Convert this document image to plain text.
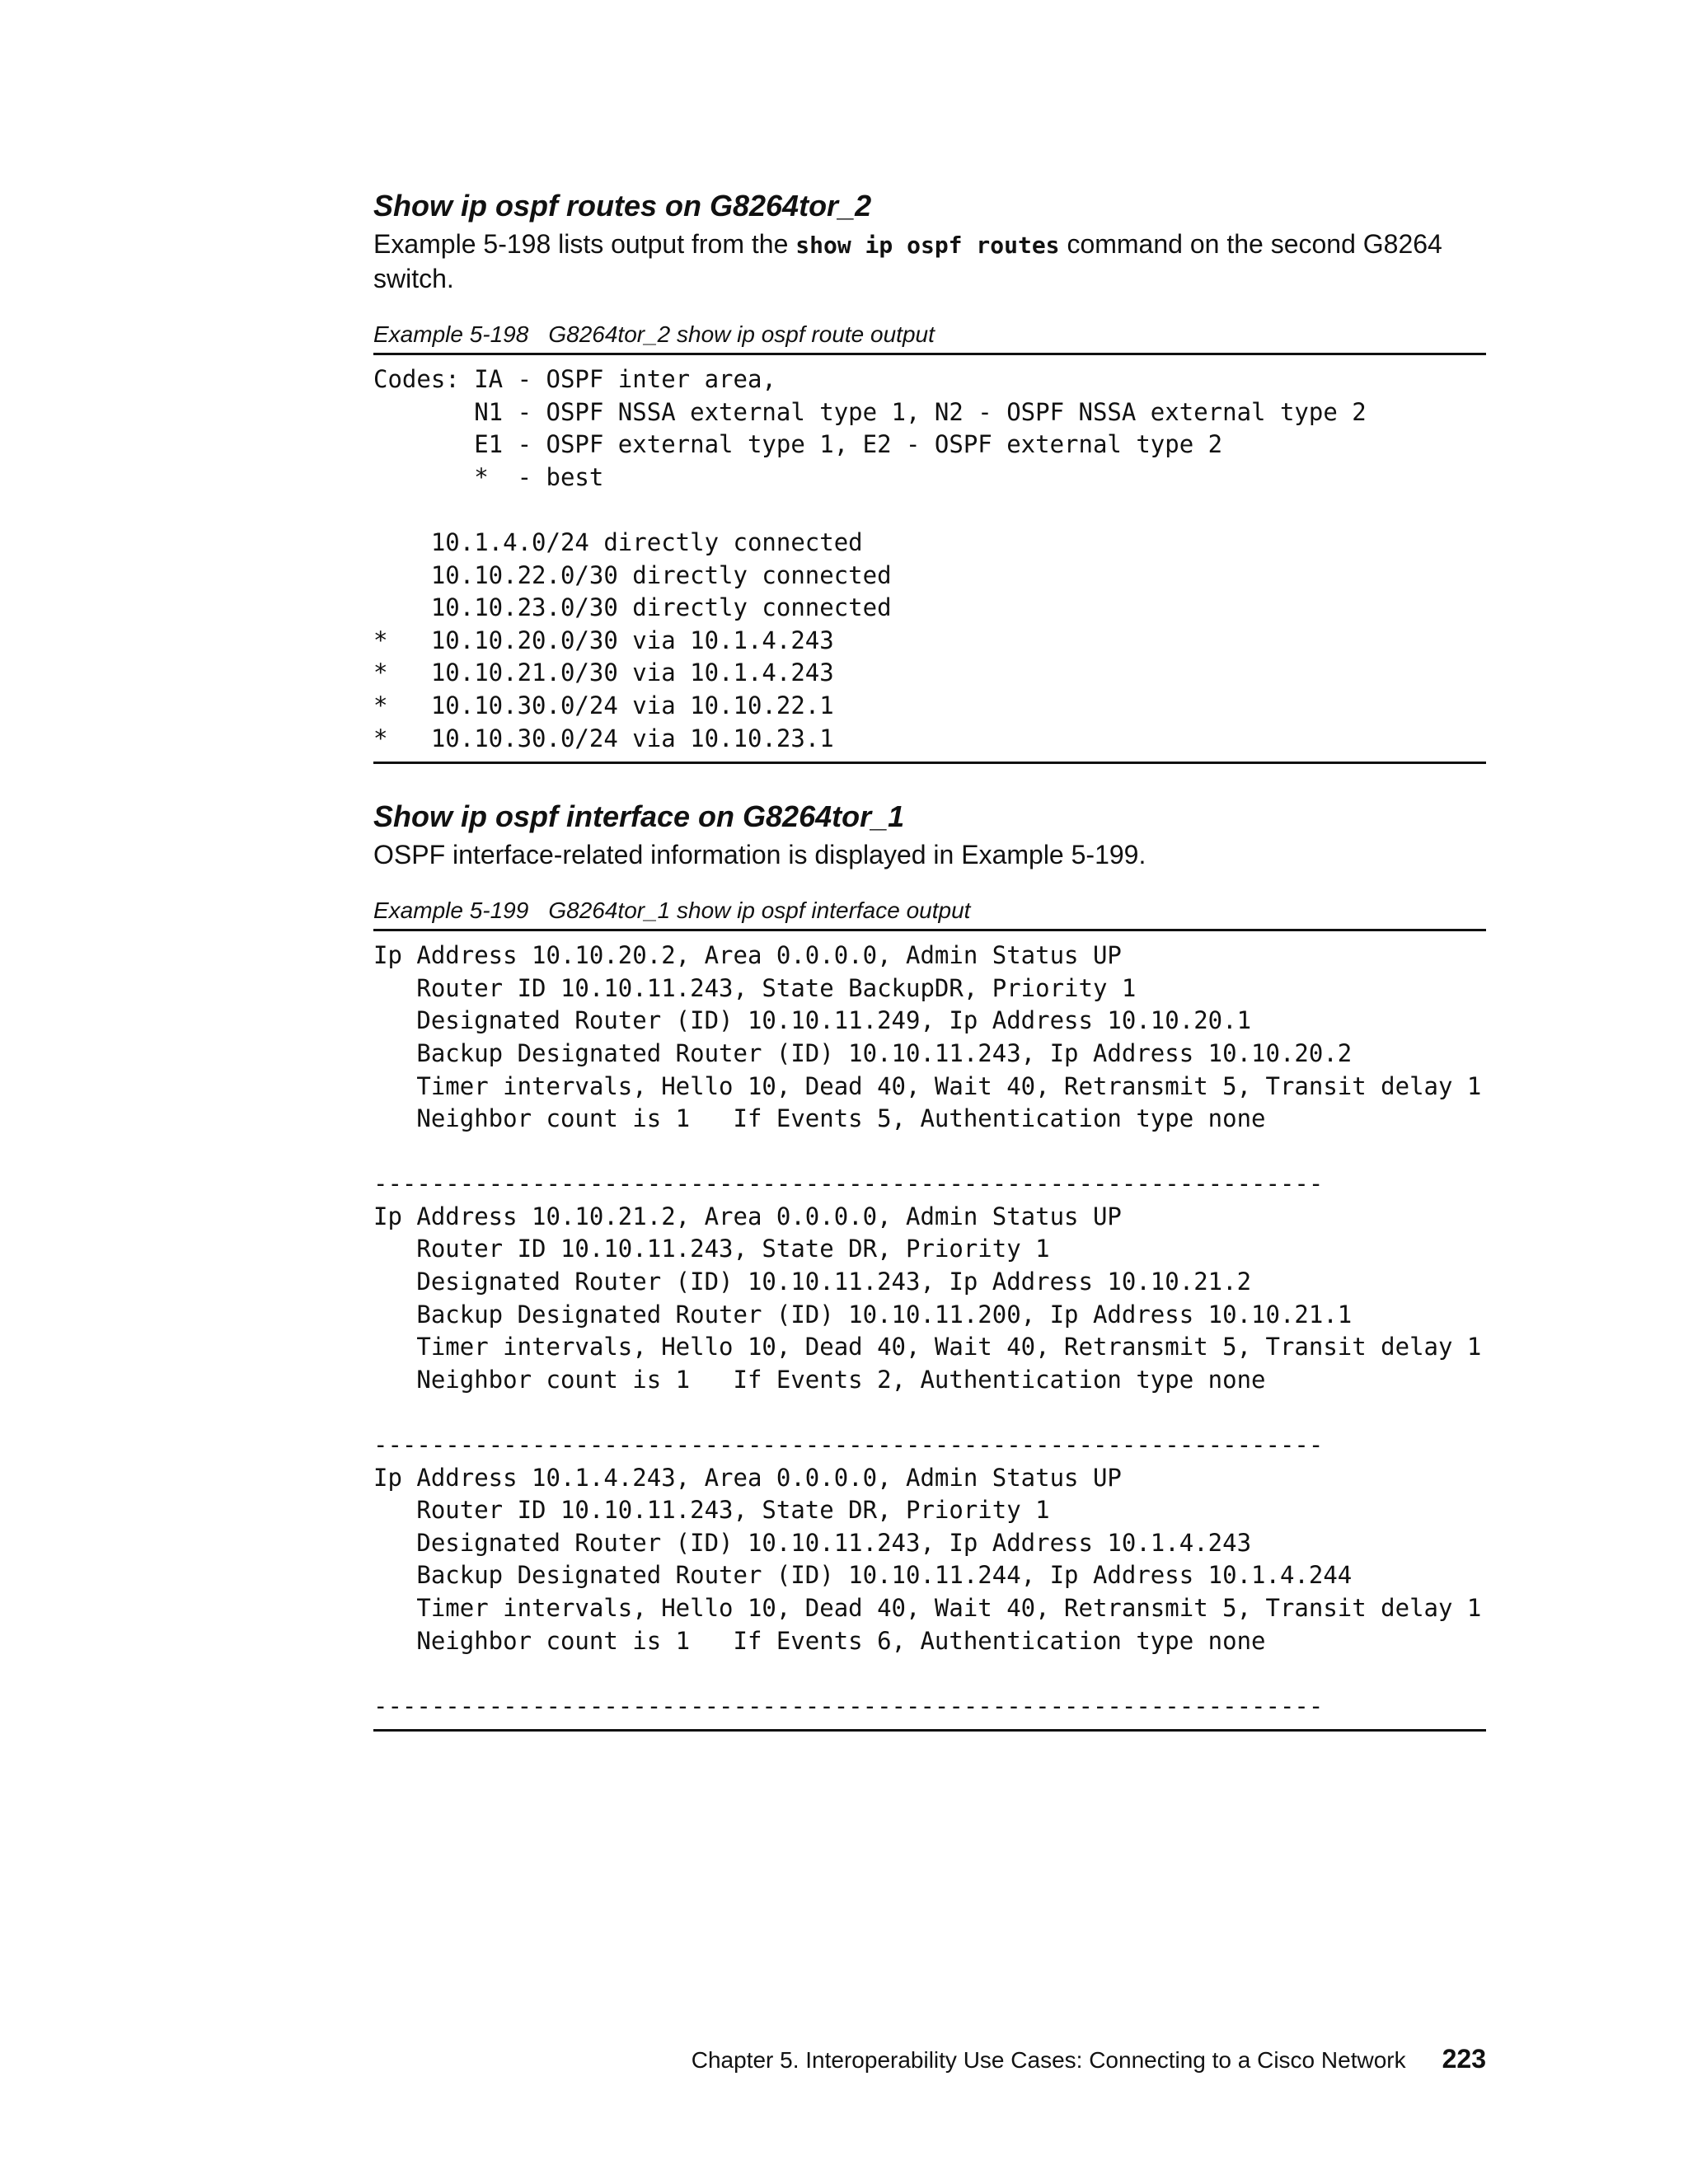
Show ip ospf routes on G8264tor_2

Example 5-198 lists output from the show ip ospf routes command on the second G8264 switch.

Example 5-198 G8264tor_2 show ip ospf route output
Codes: IA - OSPF inter area,
N1 - OSPF NSSA external type 1, N2 - OSPF NSSA external type 2
E1 - OSPF external type 1, E2 - OSPF external type 2
*  - best

10.1.4.0/24 directly connected
10.10.22.0/30 directly connected
10.10.23.0/30 directly connected
*   10.10.20.0/30 via 10.1.4.243
*   10.10.21.0/30 via 10.1.4.243
*   10.10.30.0/24 via 10.10.22.1
*   10.10.30.0/24 via 10.10.23.1
Show ip ospf interface on G8264tor_1

OSPF interface-related information is displayed in Example 5-199.

Example 5-199 G8264tor_1 show ip ospf interface output
Ip Address 10.10.20.2, Area 0.0.0.0, Admin Status UP
Router ID 10.10.11.243, State BackupDR, Priority 1
Designated Router (ID) 10.10.11.249, Ip Address 10.10.20.1
Backup Designated Router (ID) 10.10.11.243, Ip Address 10.10.20.2
Timer intervals, Hello 10, Dead 40, Wait 40, Retransmit 5, Transit delay 1
Neighbor count is 1   If Events 5, Authentication type none

------------------------------------------------------------------
Ip Address 10.10.21.2, Area 0.0.0.0, Admin Status UP
Router ID 10.10.11.243, State DR, Priority 1
Designated Router (ID) 10.10.11.243, Ip Address 10.10.21.2
Backup Designated Router (ID) 10.10.11.200, Ip Address 10.10.21.1
Timer intervals, Hello 10, Dead 40, Wait 40, Retransmit 5, Transit delay 1
Neighbor count is 1   If Events 2, Authentication type none

------------------------------------------------------------------
Ip Address 10.1.4.243, Area 0.0.0.0, Admin Status UP
Router ID 10.10.11.243, State DR, Priority 1
Designated Router (ID) 10.10.11.243, Ip Address 10.1.4.243
Backup Designated Router (ID) 10.10.11.244, Ip Address 10.1.4.244
Timer intervals, Hello 10, Dead 40, Wait 40, Retransmit 5, Transit delay 1
Neighbor count is 1   If Events 6, Authentication type none

------------------------------------------------------------------
Chapter 5. Interoperability Use Cases: Connecting to a Cisco Network 223
